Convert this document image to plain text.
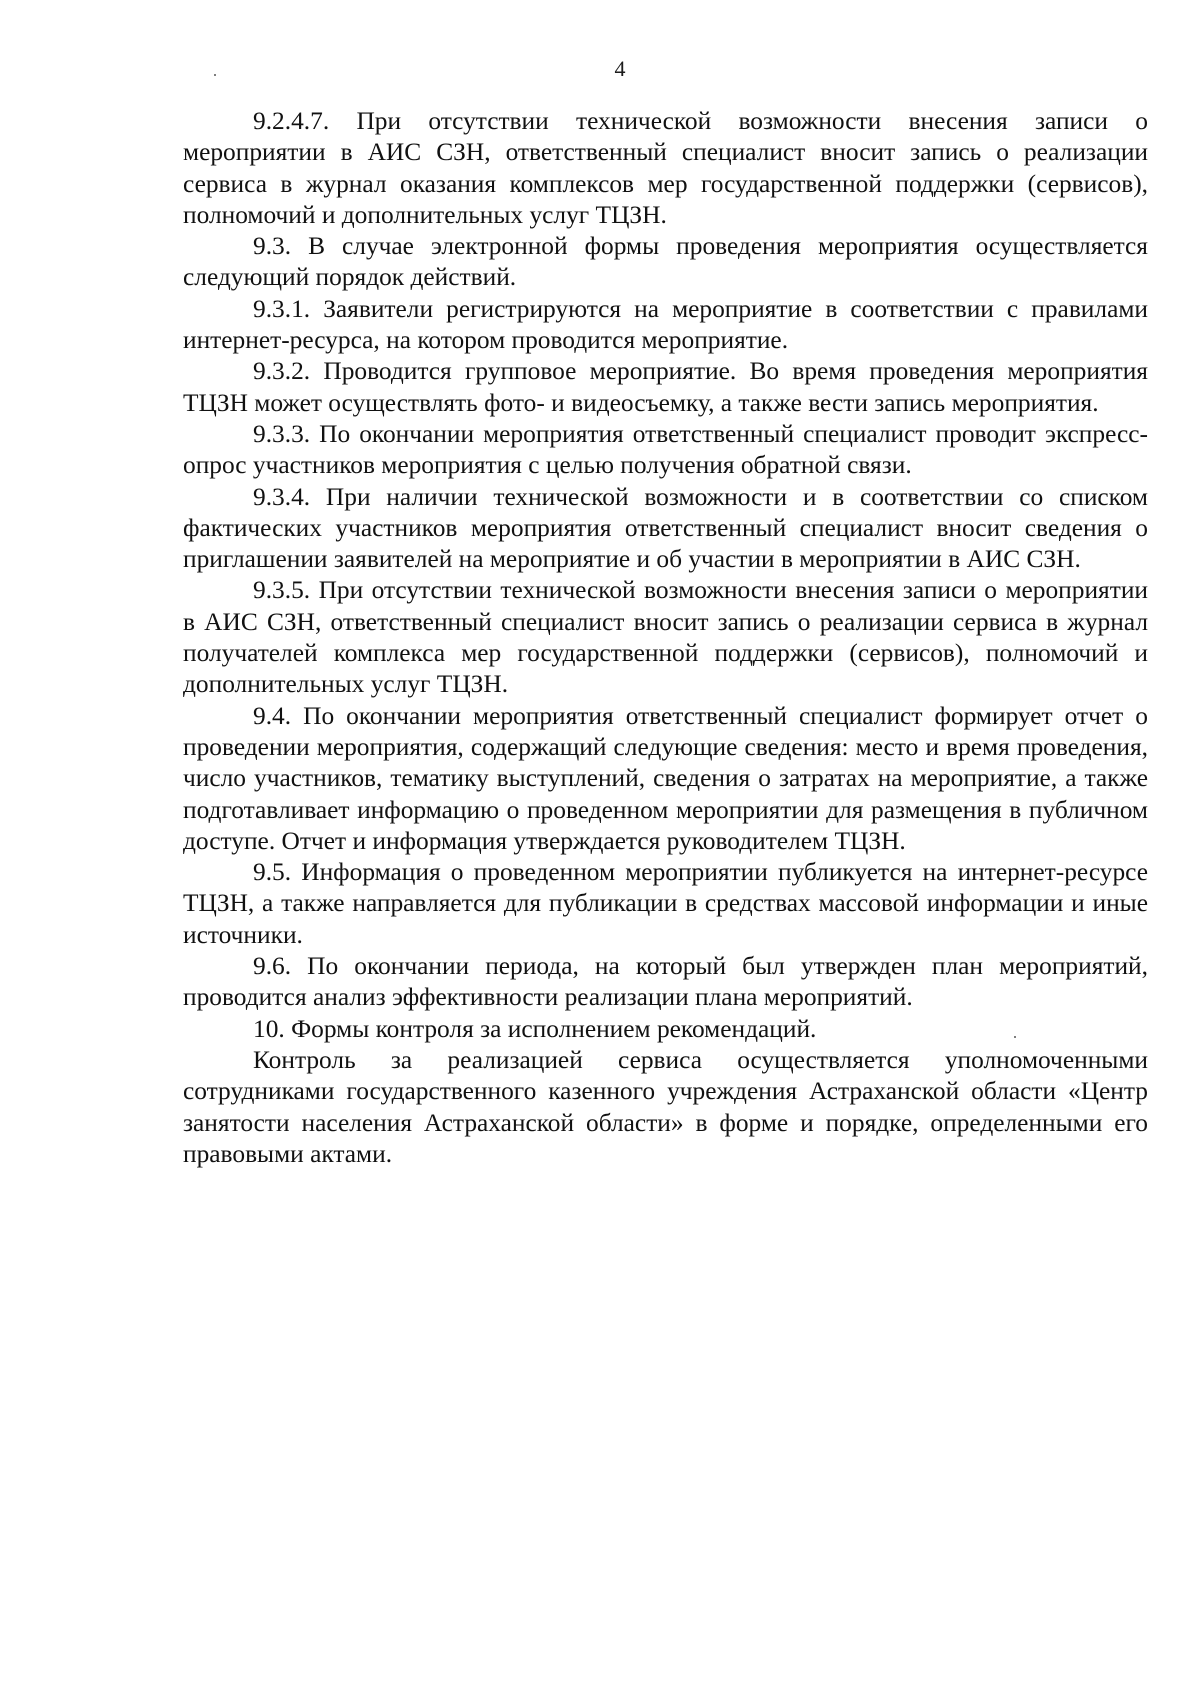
4

9.2.4.7. При отсутствии технической возможности внесения записи о мероприятии в АИС СЗН, ответственный специалист вносит запись о реализации сервиса в журнал оказания комплексов мер государственной поддержки (сервисов), полномочий и дополнительных услуг ТЦЗН.

9.3. В случае электронной формы проведения мероприятия осуществляется следующий порядок действий.

9.3.1. Заявители регистрируются на мероприятие в соответствии с правилами интернет-ресурса, на котором проводится мероприятие.

9.3.2. Проводится групповое мероприятие. Во время проведения мероприятия ТЦЗН может осуществлять фото- и видеосъемку, а также вести запись мероприятия.

9.3.3. По окончании мероприятия ответственный специалист проводит экспресс-опрос участников мероприятия с целью получения обратной связи.

9.3.4. При наличии технической возможности и в соответствии со списком фактических участников мероприятия ответственный специалист вносит сведения о приглашении заявителей на мероприятие и об участии в мероприятии в АИС СЗН.

9.3.5. При отсутствии технической возможности внесения записи о мероприятии в АИС СЗН, ответственный специалист вносит запись о реализации сервиса в журнал получателей комплекса мер государственной поддержки (сервисов), полномочий и дополнительных услуг ТЦЗН.

9.4. По окончании мероприятия ответственный специалист формирует отчет о проведении мероприятия, содержащий следующие сведения: место и время проведения, число участников, тематику выступлений, сведения о затратах на мероприятие, а также подготавливает информацию о проведенном мероприятии для размещения в публичном доступе. Отчет и информация утверждается руководителем ТЦЗН.

9.5. Информация о проведенном мероприятии публикуется на интернет-ресурсе ТЦЗН, а также направляется для публикации в средствах массовой информации и иные источники.

9.6. По окончании периода, на который был утвержден план мероприятий, проводится анализ эффективности реализации плана мероприятий.

10. Формы контроля за исполнением рекомендаций.

Контроль за реализацией сервиса осуществляется уполномоченными сотрудниками государственного казенного учреждения Астраханской области «Центр занятости населения Астраханской области» в форме и порядке, определенными его правовыми актами.
